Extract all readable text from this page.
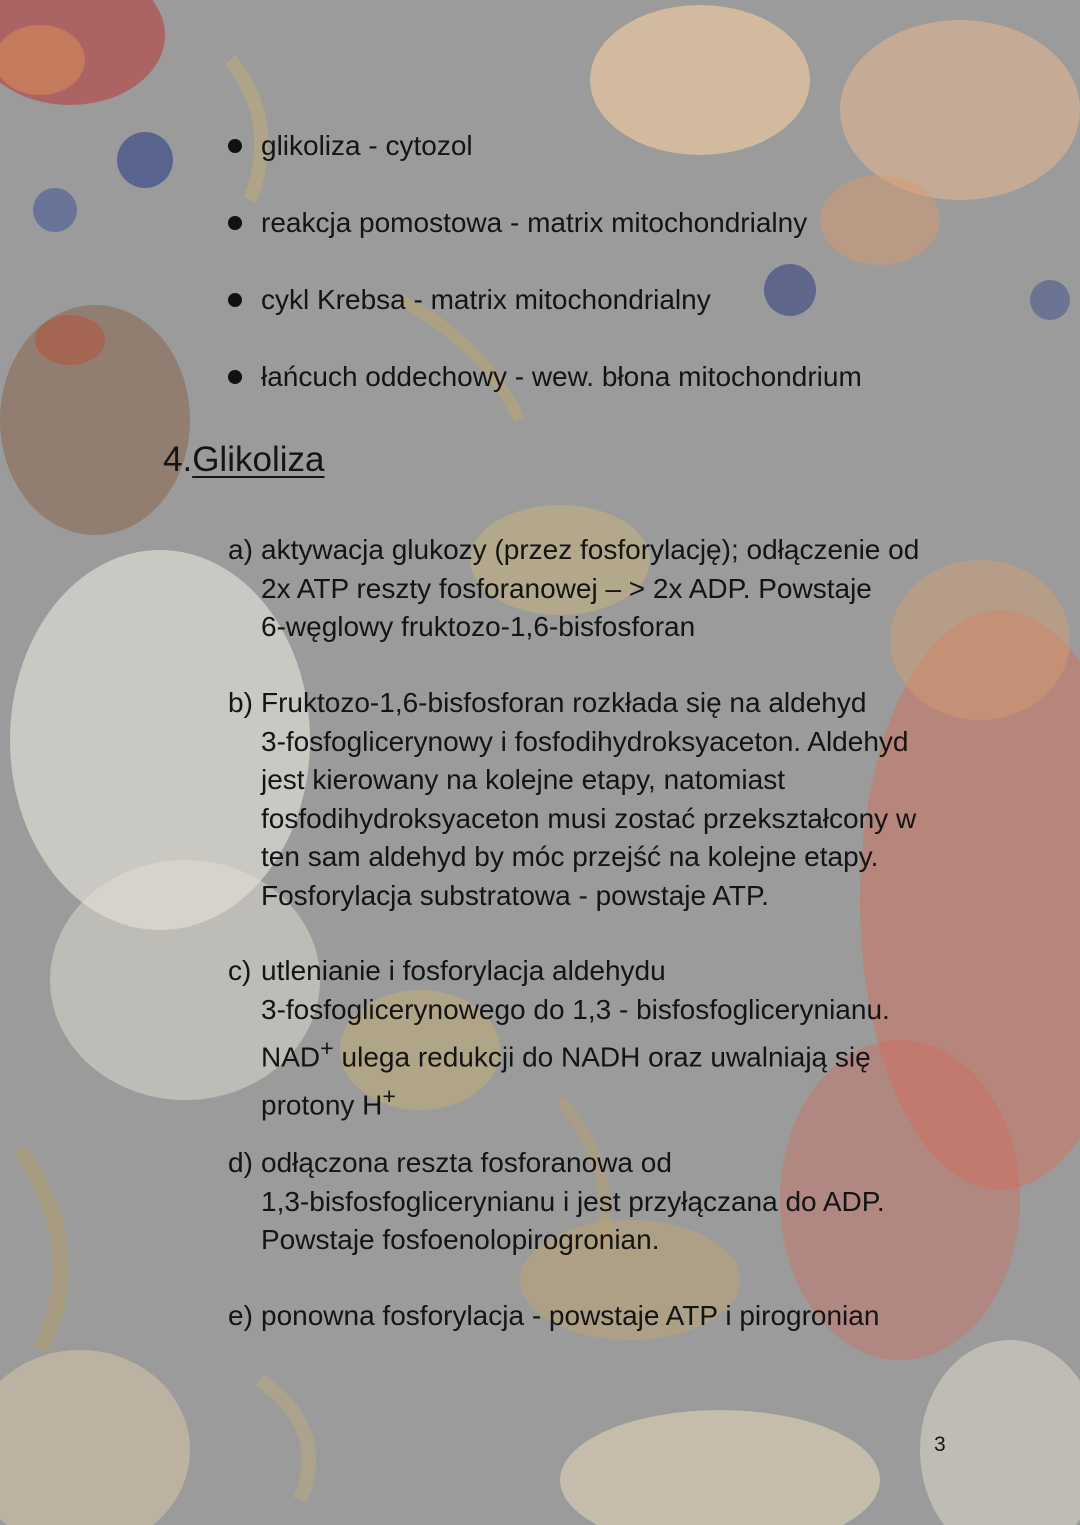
glikoliza - cytozol
reakcja pomostowa - matrix mitochondrialny
cykl Krebsa - matrix mitochondrialny
łańcuch oddechowy - wew. błona mitochondrium
4.Glikoliza
a) aktywacja glukozy (przez fosforylację); odłączenie od
2x ATP reszty fosforanowej – > 2x ADP. Powstaje
6-węglowy fruktozo-1,6-bisfosforan
b) Fruktozo-1,6-bisfosforan rozkłada się na aldehyd
3-fosfoglicerynowy i fosfodihydroksyaceton. Aldehyd
jest kierowany na kolejne etapy, natomiast
fosfodihydroksyaceton musi zostać przekształcony w
ten sam aldehyd by móc przejść na kolejne etapy.
Fosforylacja substratowa - powstaje ATP.
c) utlenianie i fosforylacja aldehydu
3-fosfoglicerynowego do 1,3 - bisfosfoglicerynianu.
NAD+ ulega redukcji do NADH oraz uwalniają się
protony H+
d) odłączona reszta fosforanowa od
1,3-bisfosfoglicerynianu i jest przyłączana do ADP.
Powstaje fosfoenolopirogronian.
e) ponowna fosforylacja - powstaje ATP i pirogronian
3
